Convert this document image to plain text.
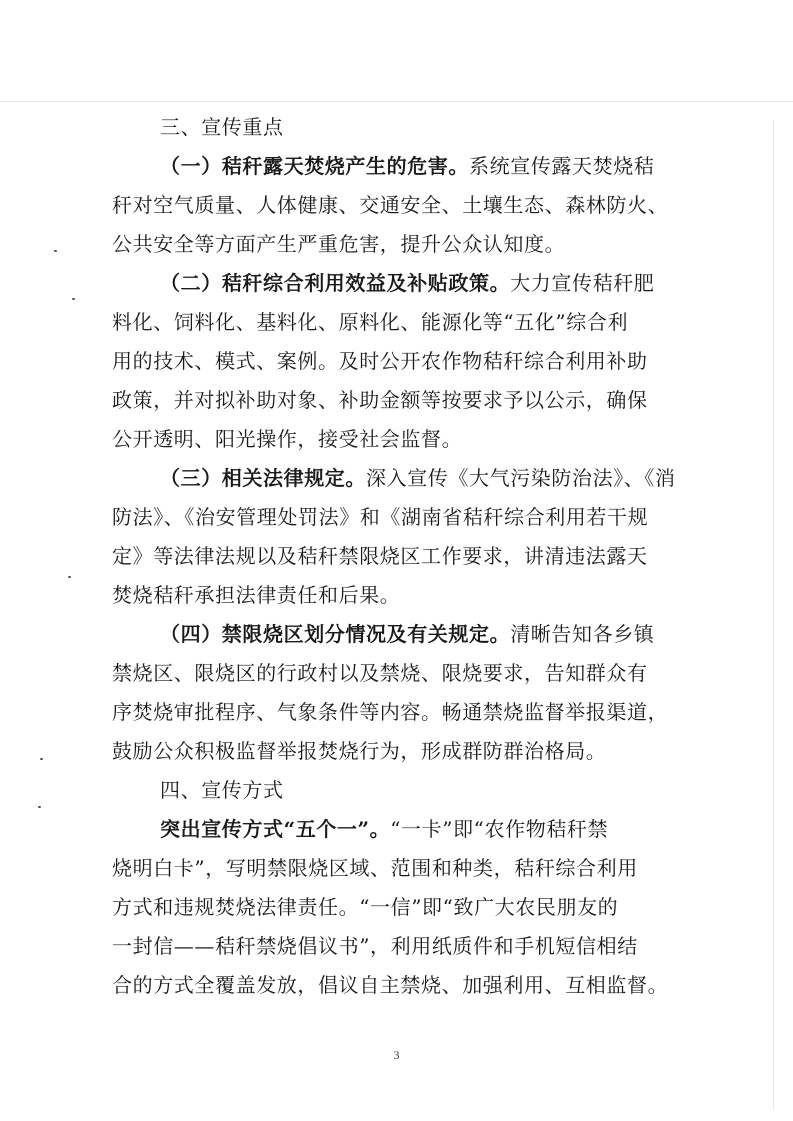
三、宣传重点
（一）秸秆露天焚烧产生的危害。系统宣传露天焚烧秸
秆对空气质量、人体健康、交通安全、土壤生态、森林防火、
公共安全等方面产生严重危害，提升公众认知度。
（二）秸秆综合利用效益及补贴政策。大力宣传秸秆肥
料化、饲料化、基料化、原料化、能源化等“五化”综合利
用的技术、模式、案例。及时公开农作物秸秆综合利用补助
政策，并对拟补助对象、补助金额等按要求予以公示，确保
公开透明、阳光操作，接受社会监督。
（三）相关法律规定。深入宣传《大气污染防治法》、《消
防法》、《治安管理处罚法》和《湖南省秸秆综合利用若干规
定》等法律法规以及秸秆禁限烧区工作要求，讲清违法露天
焚烧秸秆承担法律责任和后果。
（四）禁限烧区划分情况及有关规定。清晰告知各乡镇
禁烧区、限烧区的行政村以及禁烧、限烧要求，告知群众有
序焚烧审批程序、气象条件等内容。畅通禁烧监督举报渠道，
鼓励公众积极监督举报焚烧行为，形成群防群治格局。
四、宣传方式
突出宣传方式“五个一”。“一卡”即“农作物秸秆禁
烧明白卡”，写明禁限烧区域、范围和种类，秸秆综合利用
方式和违规焚烧法律责任。“一信”即“致广大农民朋友的
一封信——秸秆禁烧倡议书”，利用纸质件和手机短信相结
合的方式全覆盖发放，倡议自主禁烧、加强利用、互相监督。
3
